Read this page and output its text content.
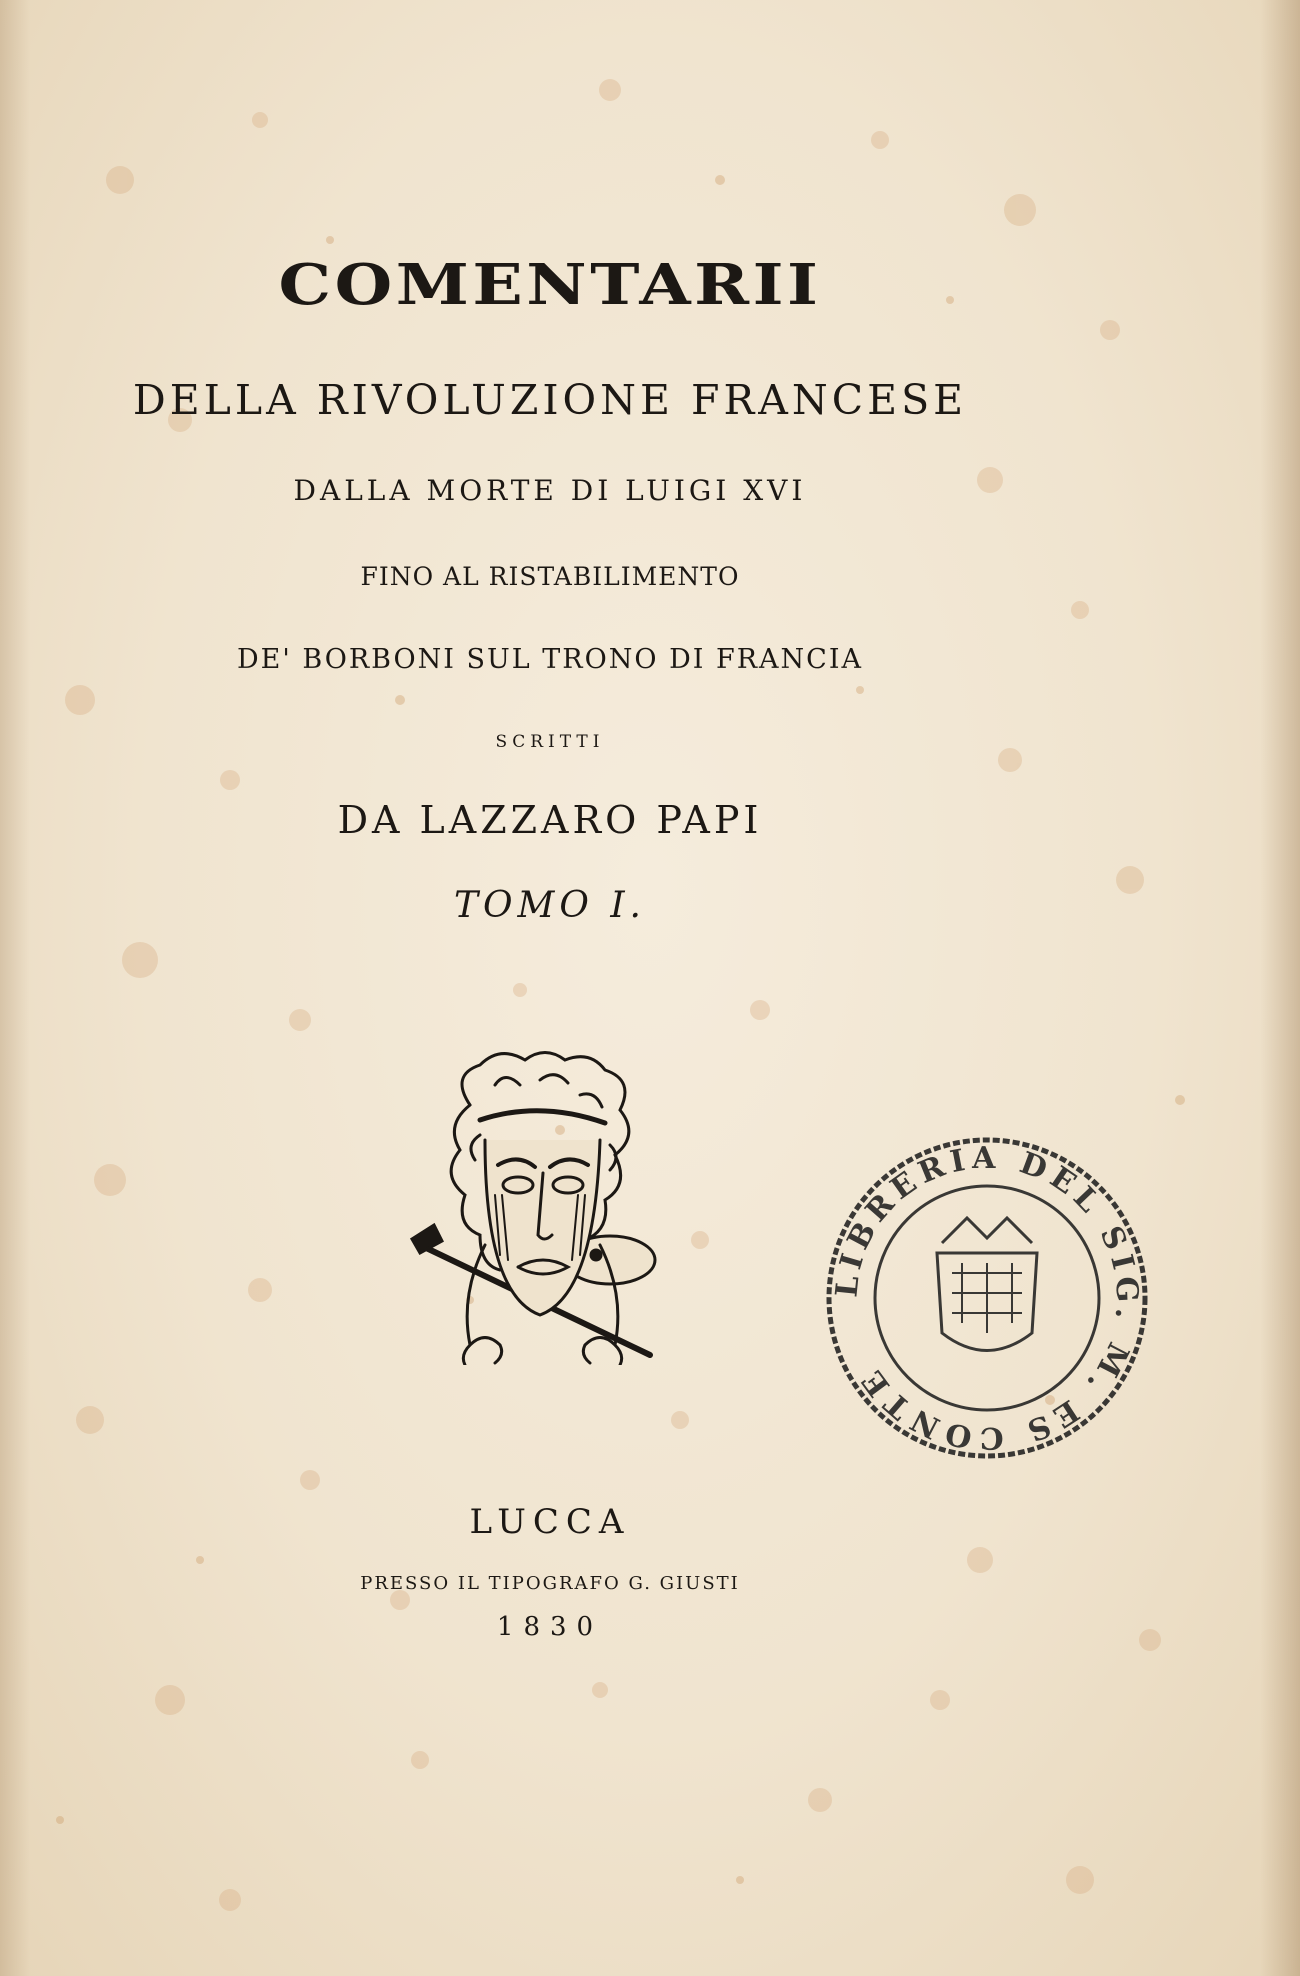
COMENTARII
DELLA RIVOLUZIONE FRANCESE
DALLA MORTE DI LUIGI XVI
FINO AL RISTABILIMENTO
DE' BORBONI SUL TRONO DI FRANCIA
SCRITTI
DA LAZZARO PAPI
TOMO I.
LIBRERIA DEL SIG. M. ES CONTE
LUCCA
PRESSO IL TIPOGRAFO G. GIUSTI
1830
